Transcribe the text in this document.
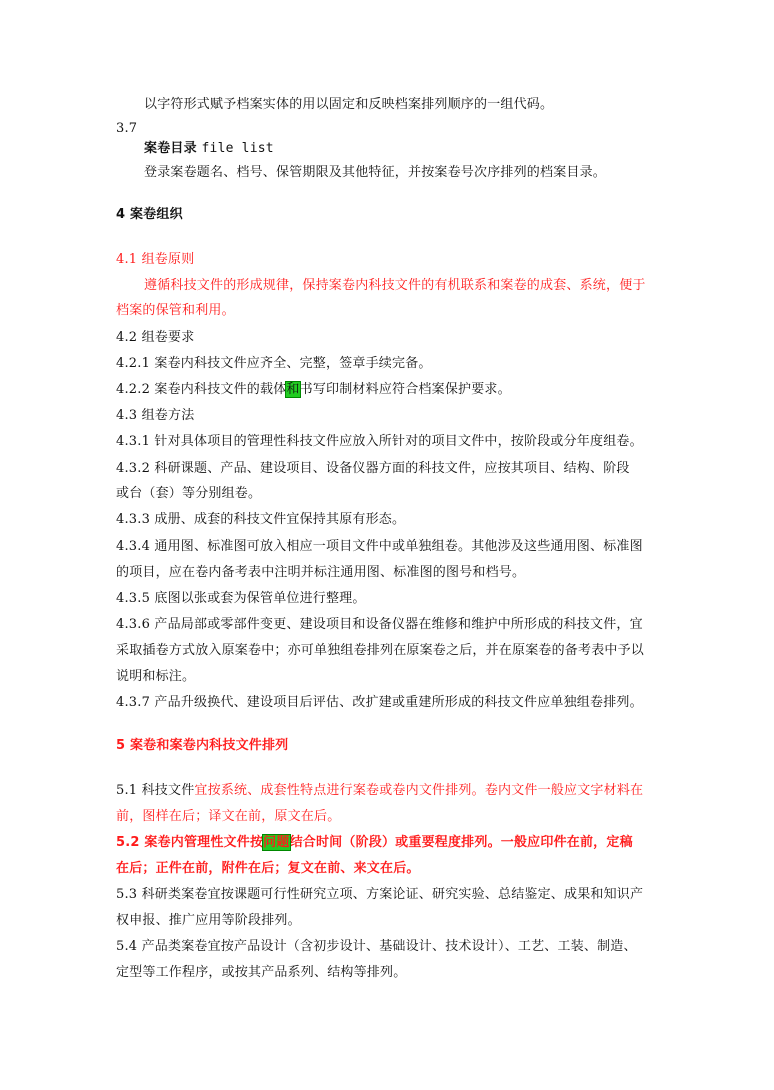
以字符形式赋予档案实体的用以固定和反映档案排列顺序的一组代码。
3.7
案卷目录 file list
登录案卷题名、档号、保管期限及其他特征，并按案卷号次序排列的档案目录。
4 案卷组织
4.1 组卷原则
遵循科技文件的形成规律，保持案卷内科技文件的有机联系和案卷的成套、系统，便于
档案的保管和利用。
4.2 组卷要求
4.2.1 案卷内科技文件应齐全、完整，签章手续完备。
4.2.2 案卷内科技文件的载体和书写印制材料应符合档案保护要求。
4.3 组卷方法
4.3.1 针对具体项目的管理性科技文件应放入所针对的项目文件中，按阶段或分年度组卷。
4.3.2 科研课题、产品、建设项目、设备仪器方面的科技文件，应按其项目、结构、阶段
或台（套）等分别组卷。
4.3.3 成册、成套的科技文件宜保持其原有形态。
4.3.4 通用图、标准图可放入相应一项目文件中或单独组卷。其他涉及这些通用图、标准图
的项目，应在卷内备考表中注明并标注通用图、标准图的图号和档号。
4.3.5 底图以张或套为保管单位进行整理。
4.3.6 产品局部或零部件变更、建设项目和设备仪器在维修和维护中所形成的科技文件，宜
采取插卷方式放入原案卷中；亦可单独组卷排列在原案卷之后，并在原案卷的备考表中予以
说明和标注。
4.3.7 产品升级换代、建设项目后评估、改扩建或重建所形成的科技文件应单独组卷排列。
5 案卷和案卷内科技文件排列
5.1 科技文件宜按系统、成套性特点进行案卷或卷内文件排列。卷内文件一般应文字材料在
前，图样在后；译文在前，原文在后。
5.2 案卷内管理性文件按问题结合时间（阶段）或重要程度排列。一般应印件在前，定稿
在后；正件在前，附件在后；复文在前、来文在后。
5.3 科研类案卷宜按课题可行性研究立项、方案论证、研究实验、总结鉴定、成果和知识产
权申报、推广应用等阶段排列。
5.4 产品类案卷宜按产品设计（含初步设计、基础设计、技术设计）、工艺、工装、制造、
定型等工作程序，或按其产品系列、结构等排列。
